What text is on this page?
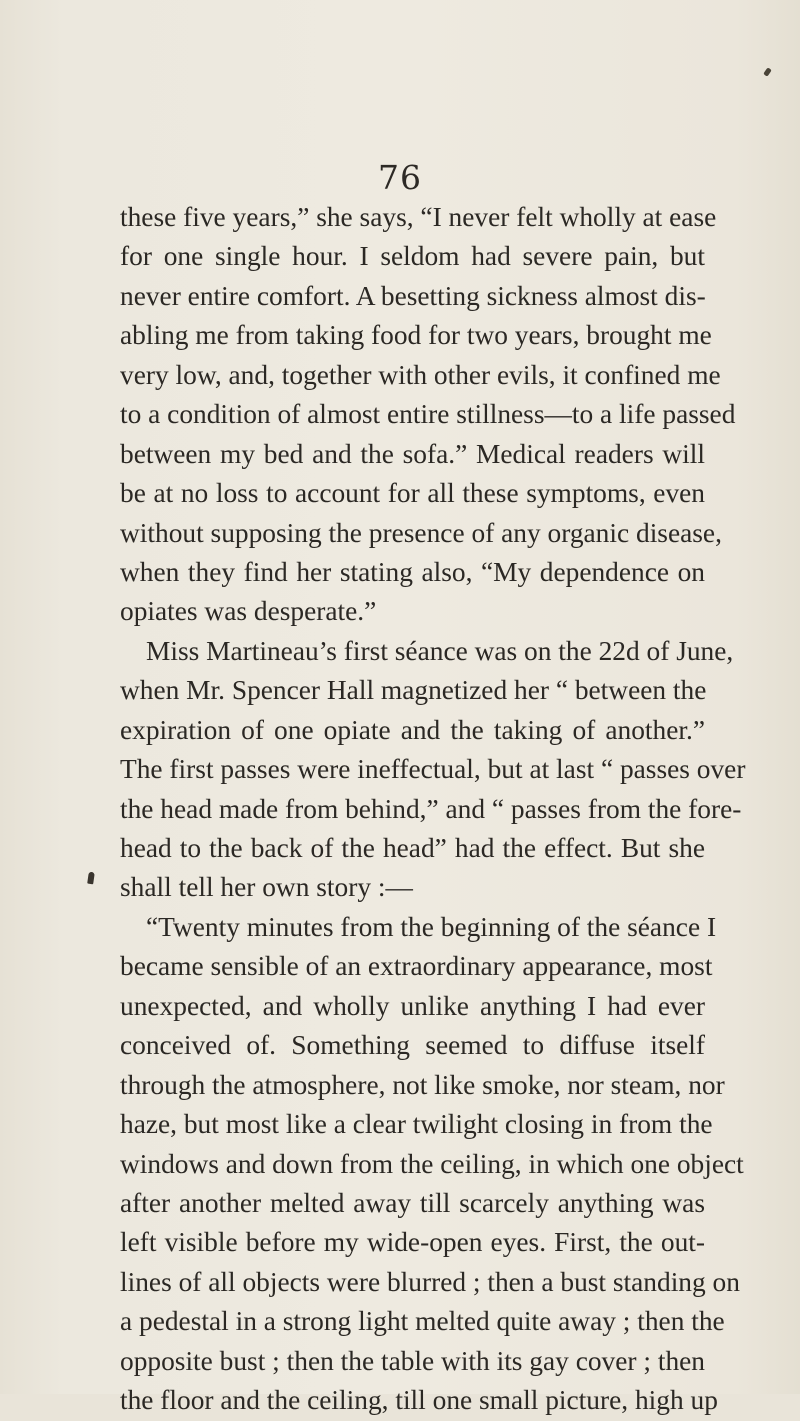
76
these five years,” she says, “I never felt wholly at ease
for one single hour. I seldom had severe pain, but
never entire comfort. A besetting sickness almost dis-
abling me from taking food for two years, brought me
very low, and, together with other evils, it confined me
to a condition of almost entire stillness—to a life passed
between my bed and the sofa.” Medical readers will
be at no loss to account for all these symptoms, even
without supposing the presence of any organic disease,
when they find her stating also, “My dependence on
opiates was desperate.”
Miss Martineau’s first séance was on the 22d of June,
when Mr. Spencer Hall magnetized her “ between the
expiration of one opiate and the taking of another.”
The first passes were ineffectual, but at last “ passes over
the head made from behind,” and “ passes from the fore-
head to the back of the head” had the effect. But she
shall tell her own story :—
“Twenty minutes from the beginning of the séance I
became sensible of an extraordinary appearance, most
unexpected, and wholly unlike anything I had ever
conceived of. Something seemed to diffuse itself
through the atmosphere, not like smoke, nor steam, nor
haze, but most like a clear twilight closing in from the
windows and down from the ceiling, in which one object
after another melted away till scarcely anything was
left visible before my wide-open eyes. First, the out-
lines of all objects were blurred ; then a bust standing on
a pedestal in a strong light melted quite away ; then the
opposite bust ; then the table with its gay cover ; then
the floor and the ceiling, till one small picture, high up
